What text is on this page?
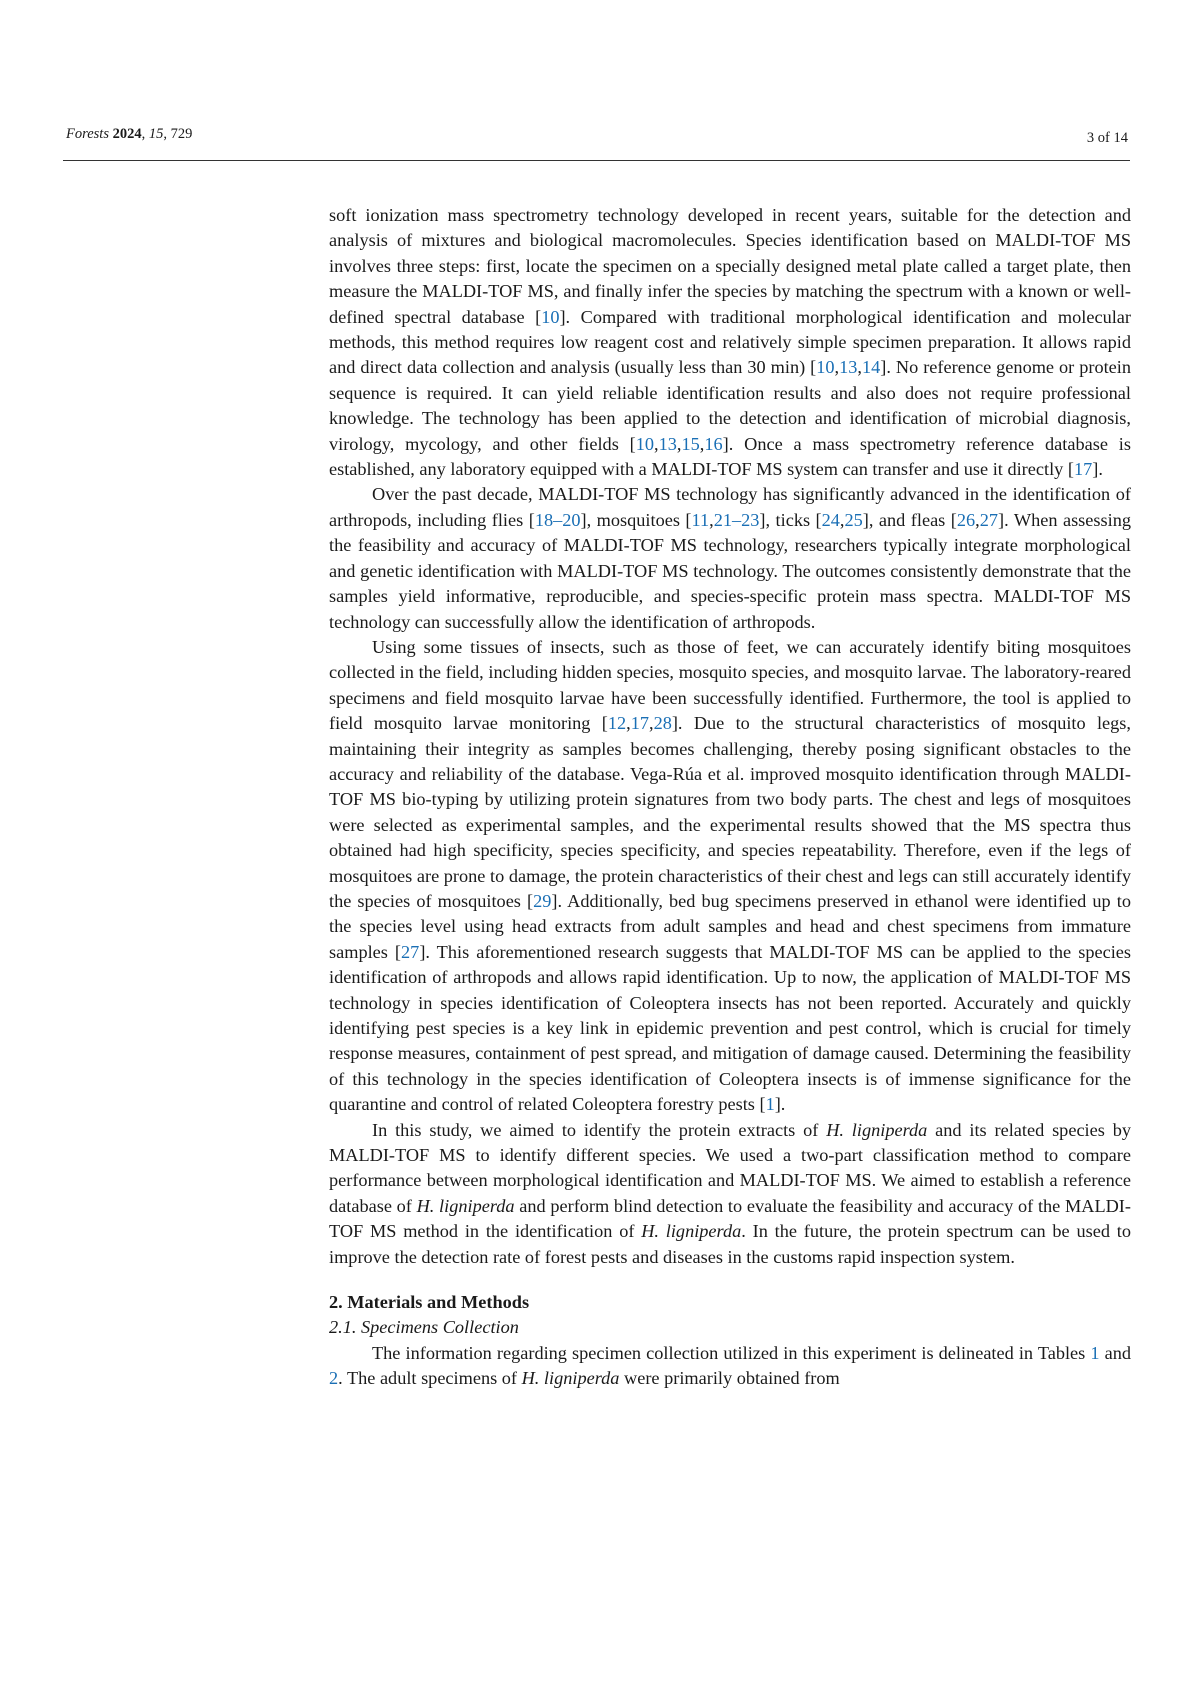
Forests 2024, 15, 729	3 of 14

soft ionization mass spectrometry technology developed in recent years, suitable for the detection and analysis of mixtures and biological macromolecules. Species identification based on MALDI-TOF MS involves three steps: first, locate the specimen on a specially designed metal plate called a target plate, then measure the MALDI-TOF MS, and finally infer the species by matching the spectrum with a known or well-defined spectral database [10]. Compared with traditional morphological identification and molecular methods, this method requires low reagent cost and relatively simple specimen preparation. It allows rapid and direct data collection and analysis (usually less than 30 min) [10,13,14]. No reference genome or protein sequence is required. It can yield reliable identification results and also does not require professional knowledge. The technology has been applied to the detection and identification of microbial diagnosis, virology, mycology, and other fields [10,13,15,16]. Once a mass spectrometry reference database is established, any laboratory equipped with a MALDI-TOF MS system can transfer and use it directly [17].

Over the past decade, MALDI-TOF MS technology has significantly advanced in the identification of arthropods, including flies [18–20], mosquitoes [11,21–23], ticks [24,25], and fleas [26,27]. When assessing the feasibility and accuracy of MALDI-TOF MS technology, researchers typically integrate morphological and genetic identification with MALDI-TOF MS technology. The outcomes consistently demonstrate that the samples yield informative, reproducible, and species-specific protein mass spectra. MALDI-TOF MS technology can successfully allow the identification of arthropods.

Using some tissues of insects, such as those of feet, we can accurately identify biting mosquitoes collected in the field, including hidden species, mosquito species, and mosquito larvae. The laboratory-reared specimens and field mosquito larvae have been successfully identified. Furthermore, the tool is applied to field mosquito larvae monitoring [12,17,28]. Due to the structural characteristics of mosquito legs, maintaining their integrity as samples becomes challenging, thereby posing significant obstacles to the accuracy and reliability of the database. Vega-Rúa et al. improved mosquito identification through MALDI-TOF MS bio-typing by utilizing protein signatures from two body parts. The chest and legs of mosquitoes were selected as experimental samples, and the experimental results showed that the MS spectra thus obtained had high specificity, species specificity, and species repeatability. Therefore, even if the legs of mosquitoes are prone to damage, the protein characteristics of their chest and legs can still accurately identify the species of mosquitoes [29]. Additionally, bed bug specimens preserved in ethanol were identified up to the species level using head extracts from adult samples and head and chest specimens from immature samples [27]. This aforementioned research suggests that MALDI-TOF MS can be applied to the species identification of arthropods and allows rapid identification. Up to now, the application of MALDI-TOF MS technology in species identification of Coleoptera insects has not been reported. Accurately and quickly identifying pest species is a key link in epidemic prevention and pest control, which is crucial for timely response measures, containment of pest spread, and mitigation of damage caused. Determining the feasibility of this technology in the species identification of Coleoptera insects is of immense significance for the quarantine and control of related Coleoptera forestry pests [1].

In this study, we aimed to identify the protein extracts of H. ligniperda and its related species by MALDI-TOF MS to identify different species. We used a two-part classification method to compare performance between morphological identification and MALDI-TOF MS. We aimed to establish a reference database of H. ligniperda and perform blind detection to evaluate the feasibility and accuracy of the MALDI-TOF MS method in the identification of H. ligniperda. In the future, the protein spectrum can be used to improve the detection rate of forest pests and diseases in the customs rapid inspection system.

2. Materials and Methods

2.1. Specimens Collection

The information regarding specimen collection utilized in this experiment is delineated in Tables 1 and 2. The adult specimens of H. ligniperda were primarily obtained from
